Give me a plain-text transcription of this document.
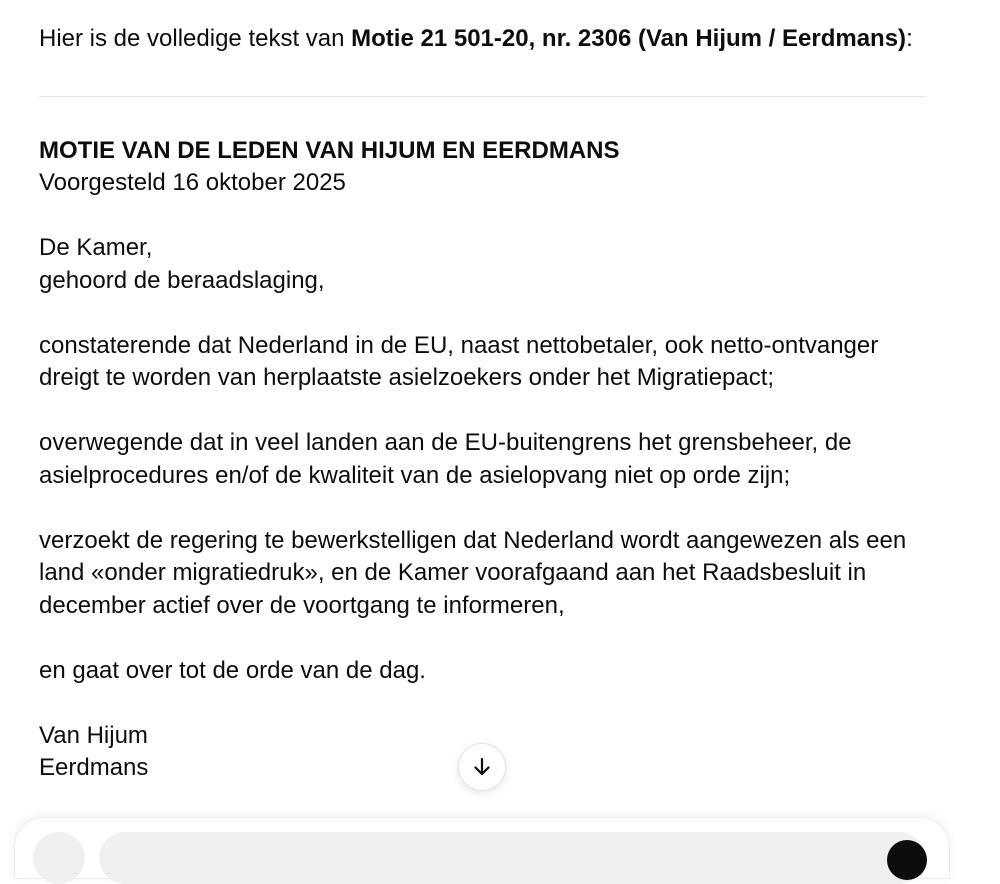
Hier is de volledige tekst van Motie 21 501-20, nr. 2306 (Van Hijum / Eerdmans):

MOTIE VAN DE LEDEN VAN HIJUM EN EERDMANS
Voorgesteld 16 oktober 2025
De Kamer,
gehoord de beraadslaging,
constaterende dat Nederland in de EU, naast nettobetaler, ook netto-ontvanger
dreigt te worden van herplaatste asielzoekers onder het Migratiepact;
overwegende dat in veel landen aan de EU-buitengrens het grensbeheer, de
asielprocedures en/of de kwaliteit van de asielopvang niet op orde zijn;
verzoekt de regering te bewerkstelligen dat Nederland wordt aangewezen als een
land «onder migratiedruk», en de Kamer voorafgaand aan het Raadsbesluit in
december actief over de voortgang te informeren,
en gaat over tot de orde van de dag.
Van Hijum
Eerdmans
